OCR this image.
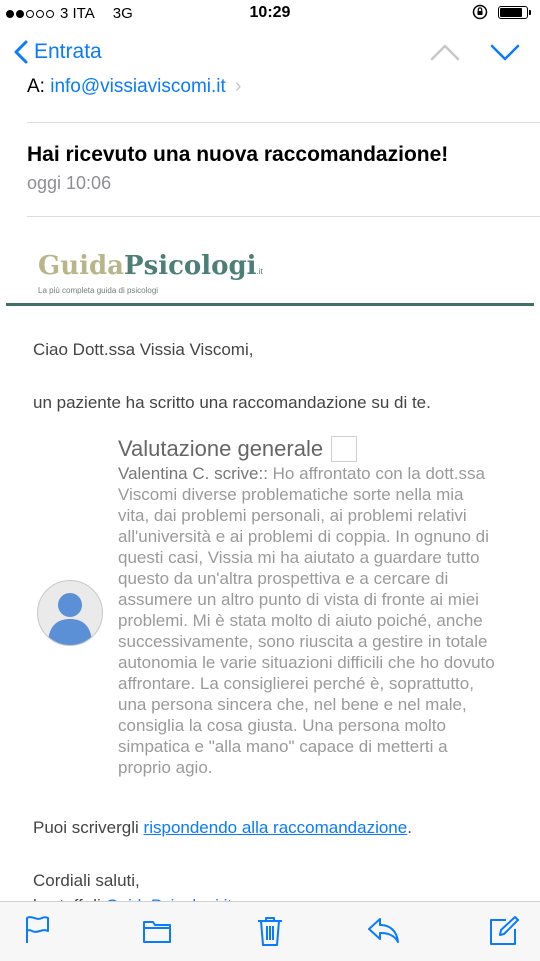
3 ITA 3G	10:29
Entrata
A: info@vissiaviscomi.it ›
Hai ricevuto una nuova raccomandazione!
oggi 10:06
GuidaPsicologi.it
La più completa guida di psicologi
Ciao Dott.ssa Vissia Viscomi,
un paziente ha scritto una raccomandazione su di te.
Valutazione generale
Valentina C. scrive:: Ho affrontato con la dott.ssa Viscomi diverse problematiche sorte nella mia vita, dai problemi personali, ai problemi relativi all'università e ai problemi di coppia. In ognuno di questi casi, Vissia mi ha aiutato a guardare tutto questo da un'altra prospettiva e a cercare di assumere un altro punto di vista di fronte ai miei problemi. Mi è stata molto di aiuto poiché, anche successivamente, sono riuscita a gestire in totale autonomia le varie situazioni difficili che ho dovuto affrontare. La consiglierei perché è, soprattutto, una persona sincera che, nel bene e nel male, consiglia la cosa giusta. Una persona molto simpatica e "alla mano" capace di metterti a proprio agio.
Puoi scrivergli rispondendo alla raccomandazione.
Cordiali saluti,
